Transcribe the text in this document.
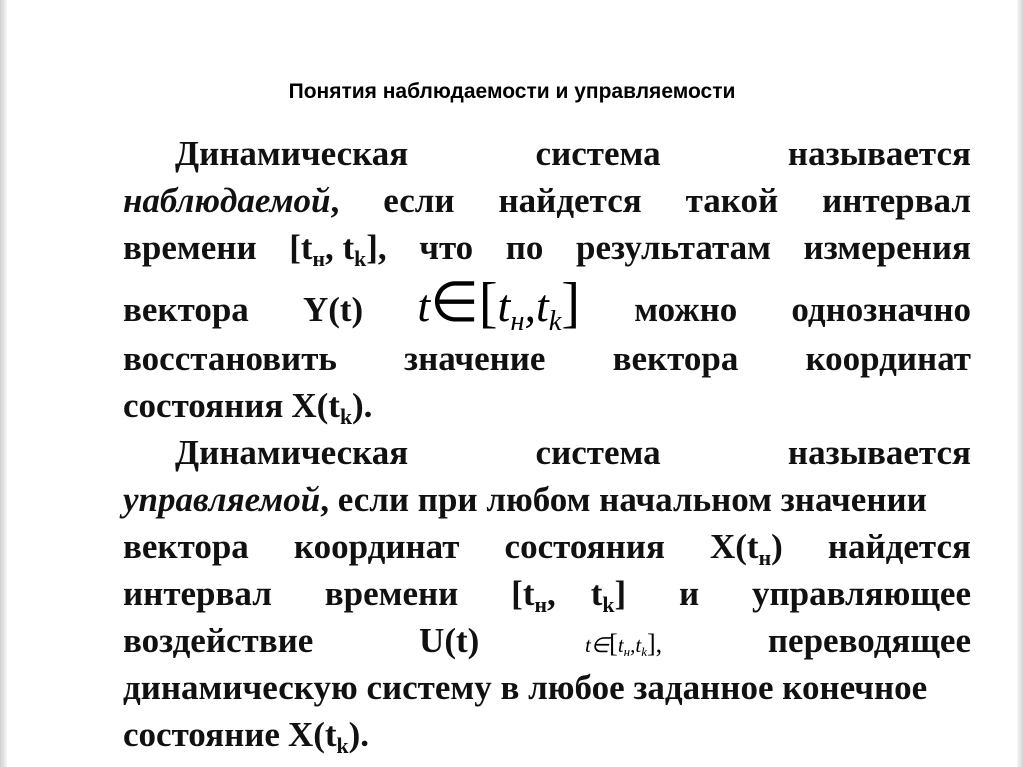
Понятия наблюдаемости и управляемости
Динамическая	система	называется
наблюдаемой, если найдется такой интервал
времени [$t_н$, $t_k$], что по результатам измерения
вектора Y(t) $t\in[t_н,t_k]$ можно однозначно
восстановить значение вектора координат
состояния $X(t_k)$.
Динамическая	система	называется
управляемой , если при любом начальном значении
вектора координат состояния $X(t_н)$ найдется
интервал времени [$t_н$, $t_k$] и управляющее
воздействие	U(t)	$t\in[t_н,t_k]$,	переводящее
динамическую систему в любое заданное конечное
состояние $X(t_k)$.
